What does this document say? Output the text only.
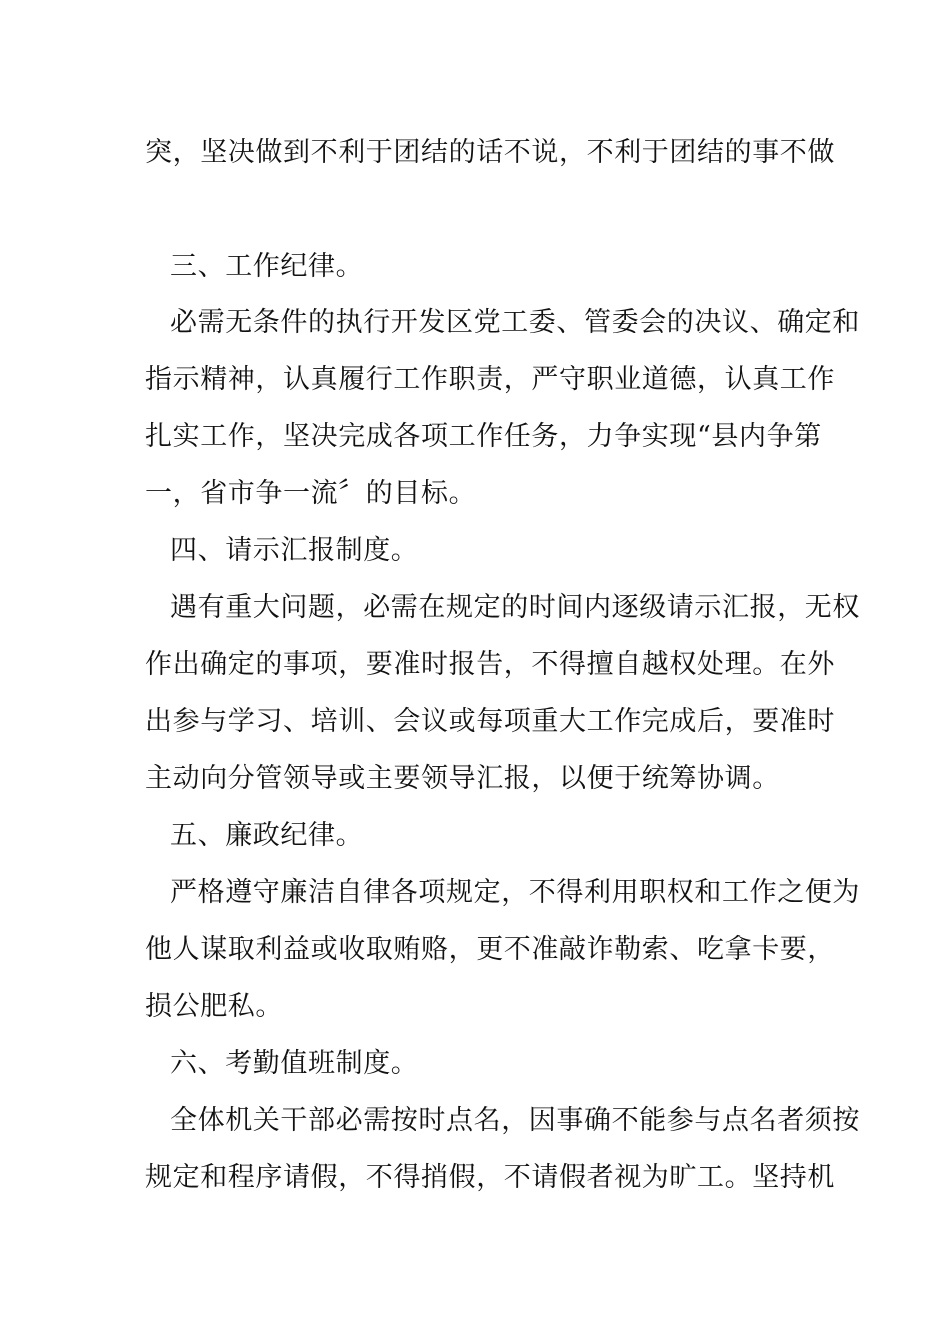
突，坚决做到不利于团结的话不说，不利于团结的事不做
三、工作纪律。
必需无条件的执行开发区党工委、管委会的决议、确定和
指示精神，认真履行工作职责，严守职业道德，认真工作
扎实工作，坚决完成各项工作任务，力争实现“县内争第
一，省市争一流〞的目标。
四、请示汇报制度。
遇有重大问题，必需在规定的时间内逐级请示汇报，无权
作出确定的事项，要准时报告，不得擅自越权处理。在外
出参与学习、培训、会议或每项重大工作完成后，要准时
主动向分管领导或主要领导汇报，以便于统筹协调。
五、廉政纪律。
严格遵守廉洁自律各项规定，不得利用职权和工作之便为
他人谋取利益或收取贿赂，更不准敲诈勒索、吃拿卡要，
损公肥私。
六、考勤值班制度。
全体机关干部必需按时点名，因事确不能参与点名者须按
规定和程序请假，不得捎假，不请假者视为旷工。坚持机
